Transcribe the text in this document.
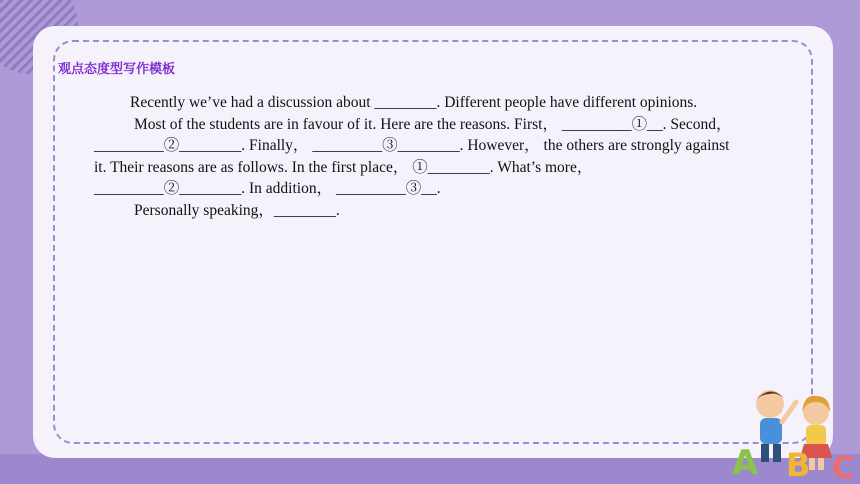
观点态度型写作模板

Recently we’ve had a discussion about ________. Different people have different opinions.

Most of the students are in favour of it. Here are the reasons. First， _________①__. Second， _________②________. Finally， _________③________. However， the others are strongly against it. Their reasons are as follows. In the first place， ①________. What’s more， _________②________. In addition， _________③__.

Personally speaking，________.

A B C
